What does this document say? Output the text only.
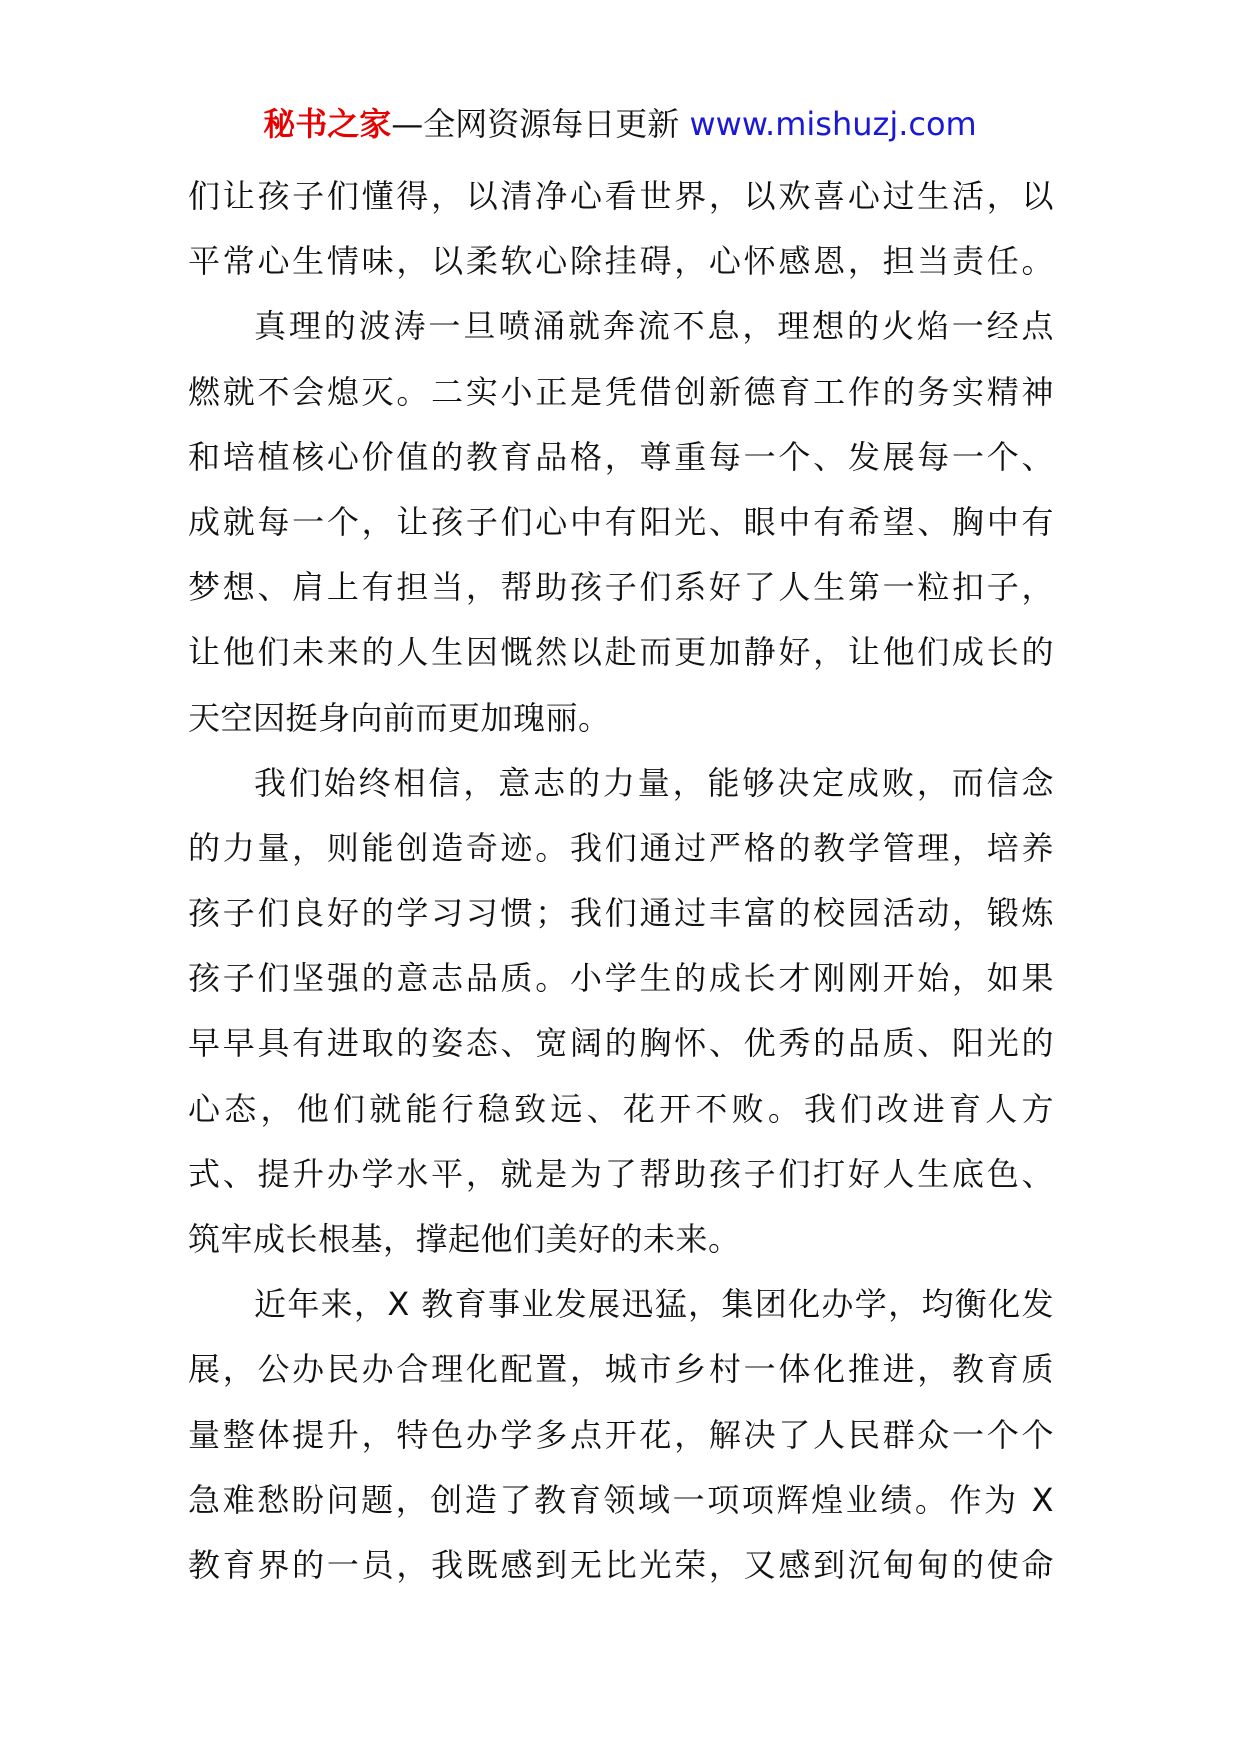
秘书之家—全网资源每日更新 www.mishuzj.com
们让孩子们懂得，以清净心看世界，以欢喜心过生活，以
平常心生情味，以柔软心除挂碍，心怀感恩，担当责任。
真理的波涛一旦喷涌就奔流不息，理想的火焰一经点
燃就不会熄灭。二实小正是凭借创新德育工作的务实精神
和培植核心价值的教育品格，尊重每一个、发展每一个、
成就每一个，让孩子们心中有阳光、眼中有希望、胸中有
梦想、肩上有担当，帮助孩子们系好了人生第一粒扣子，
让他们未来的人生因慨然以赴而更加静好，让他们成长的
天空因挺身向前而更加瑰丽。
我们始终相信，意志的力量，能够决定成败，而信念
的力量，则能创造奇迹。我们通过严格的教学管理，培养
孩子们良好的学习习惯；我们通过丰富的校园活动，锻炼
孩子们坚强的意志品质。小学生的成长才刚刚开始，如果
早早具有进取的姿态、宽阔的胸怀、优秀的品质、阳光的
心态，他们就能行稳致远、花开不败。我们改进育人方
式、提升办学水平，就是为了帮助孩子们打好人生底色、
筑牢成长根基，撑起他们美好的未来。
近年来，X 教育事业发展迅猛，集团化办学，均衡化发
展，公办民办合理化配置，城市乡村一体化推进，教育质
量整体提升，特色办学多点开花，解决了人民群众一个个
急难愁盼问题，创造了教育领域一项项辉煌业绩。作为 X
教育界的一员，我既感到无比光荣，又感到沉甸甸的使命
